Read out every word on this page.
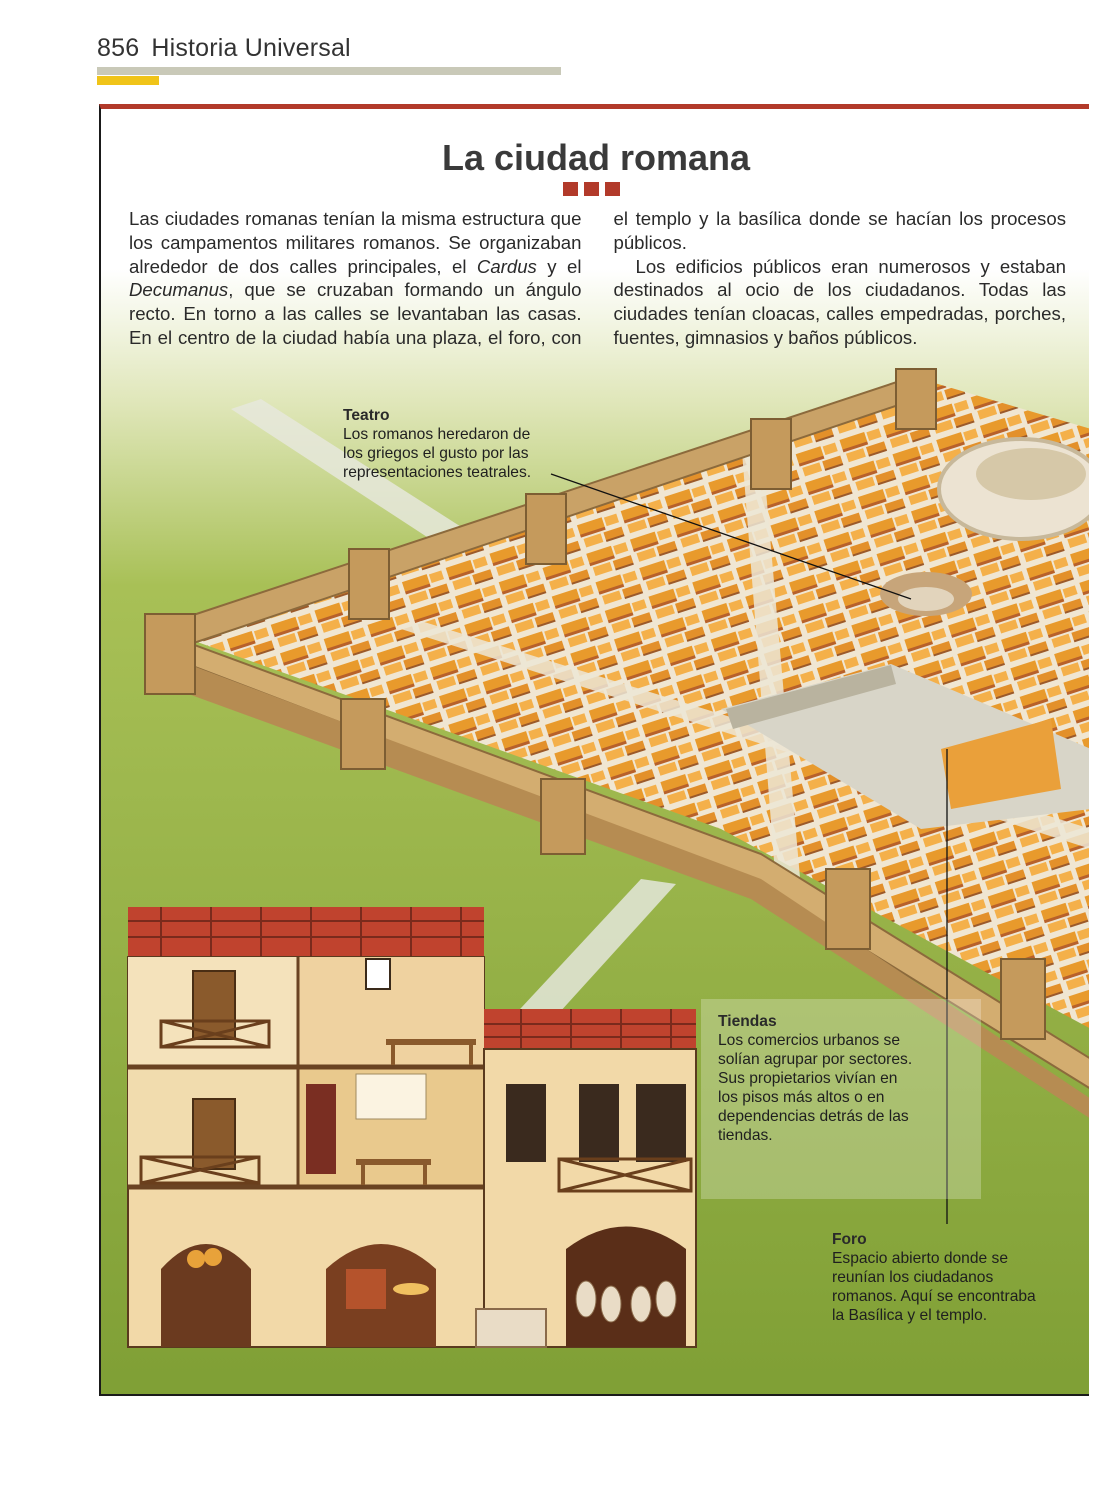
856 Historia Universal
La ciudad romana

Las ciudades romanas tenían la misma estructura que los campamentos militares romanos. Se organizaban alrededor de dos calles principales, el Cardus y el Decumanus, que se cruzaban formando un ángulo recto. En torno a las calles se levantaban las casas. En el centro de la ciudad había una plaza, el foro, con el templo y la basílica donde se hacían los procesos públicos.

Los edificios públicos eran numerosos y estaban destinados al ocio de los ciudadanos. Todas las ciudades tenían cloacas, calles empedradas, porches, fuentes, gimnasios y baños públicos.

Teatro
Los romanos heredaron de los griegos el gusto por las representaciones teatrales.
Tiendas
Los comercios urbanos se solían agrupar por sectores. Sus propietarios vivían en los pisos más altos o en dependencias detrás de las tiendas.
Foro
Espacio abierto donde se reunían los ciudadanos romanos. Aquí se encontraba la Basílica y el templo.
